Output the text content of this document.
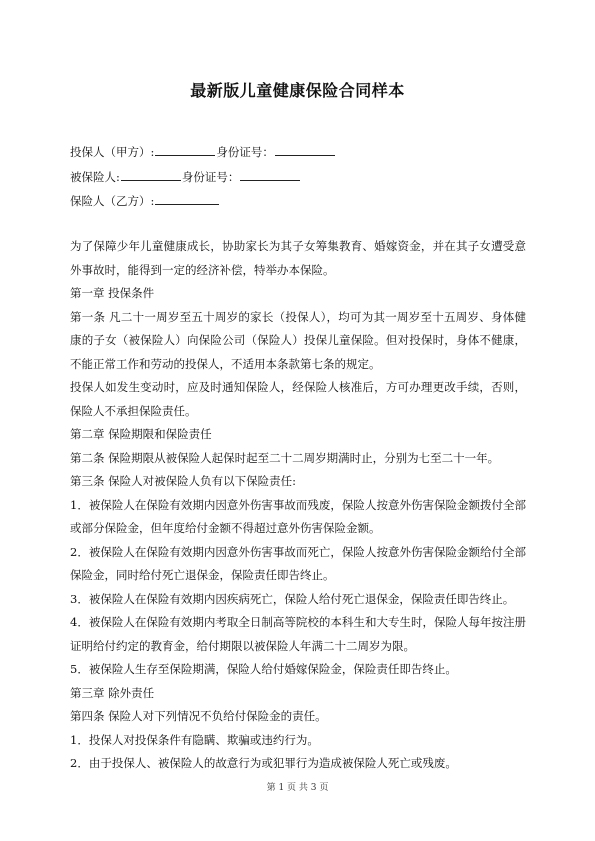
最新版儿童健康保险合同样本
投保人（甲方）:	身份证号：
被保险人:	身份证号：
保险人（乙方）:

为了保障少年儿童健康成长，协助家长为其子女筹集教育、婚嫁资金，并在其子女遭受意外事故时，能得到一定的经济补偿，特举办本保险。

第一章 投保条件

第一条 凡二十一周岁至五十周岁的家长（投保人），均可为其一周岁至十五周岁、身体健康的子女（被保险人）向保险公司（保险人）投保儿童保险。但对投保时，身体不健康，不能正常工作和劳动的投保人，不适用本条款第七条的规定。

投保人如发生变动时，应及时通知保险人，经保险人核准后，方可办理更改手续，否则，保险人不承担保险责任。

第二章 保险期限和保险责任

第二条 保险期限从被保险人起保时起至二十二周岁期满时止，分别为七至二十一年。

第三条 保险人对被保险人负有以下保险责任:

1．被保险人在保险有效期内因意外伤害事故而残废，保险人按意外伤害保险金额拨付全部或部分保险金，但年度给付金额不得超过意外伤害保险金额。

2．被保险人在保险有效期内因意外伤害事故而死亡，保险人按意外伤害保险金额给付全部保险金，同时给付死亡退保金，保险责任即告终止。

3．被保险人在保险有效期内因疾病死亡，保险人给付死亡退保金，保险责任即告终止。

4．被保险人在保险有效期内考取全日制高等院校的本科生和大专生时，保险人每年按注册证明给付约定的教育金，给付期限以被保险人年满二十二周岁为限。

5．被保险人生存至保险期满，保险人给付婚嫁保险金，保险责任即告终止。

第三章 除外责任

第四条 保险人对下列情况不负给付保险金的责任。

1．投保人对投保条件有隐瞒、欺骗或违约行为。

2．由于投保人、被保险人的故意行为或犯罪行为造成被保险人死亡或残废。

第 1 页 共 3 页
